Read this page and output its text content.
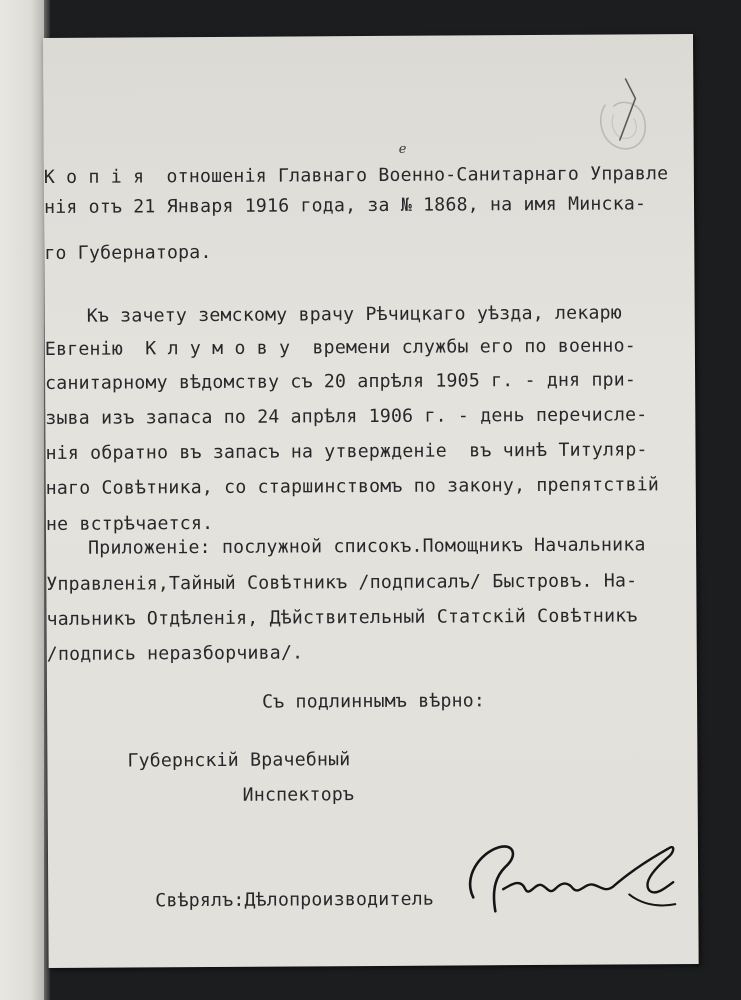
К о п і я  отношенія Главнаго Военно-Санитарнаго Управле
е
нія отъ 21 Января 1916 года, за № 1868, на имя Минска-
го Губернатора.
Къ зачету земскому врачу Рѣчицкаго уѣзда, лекарю
Евгенію  К л у м о в у  времени службы его по военно-
санитарному вѣдомству съ 20 апрѣля 1905 г. - дня при-
зыва изъ запаса по 24 апрѣля 1906 г. - день перечисле-
нія обратно въ запасъ на утвержденіе  въ чинѣ Титуляр-
наго Совѣтника, со старшинствомъ по закону, препятствій
не встрѣчается.
Приложеніе: послужной списокъ.Помощникъ Начальника
Управленія,Тайный Совѣтникъ /подписалъ/ Быстровъ. На-
чальникъ Отдѣленія, Дѣйствительный Статскій Совѣтникъ
/подпись неразборчива/.
Съ подлиннымъ вѣрно:
Губернскій Врачебный
Инспекторъ
Свѣрялъ:Дѣлопроизводитель
